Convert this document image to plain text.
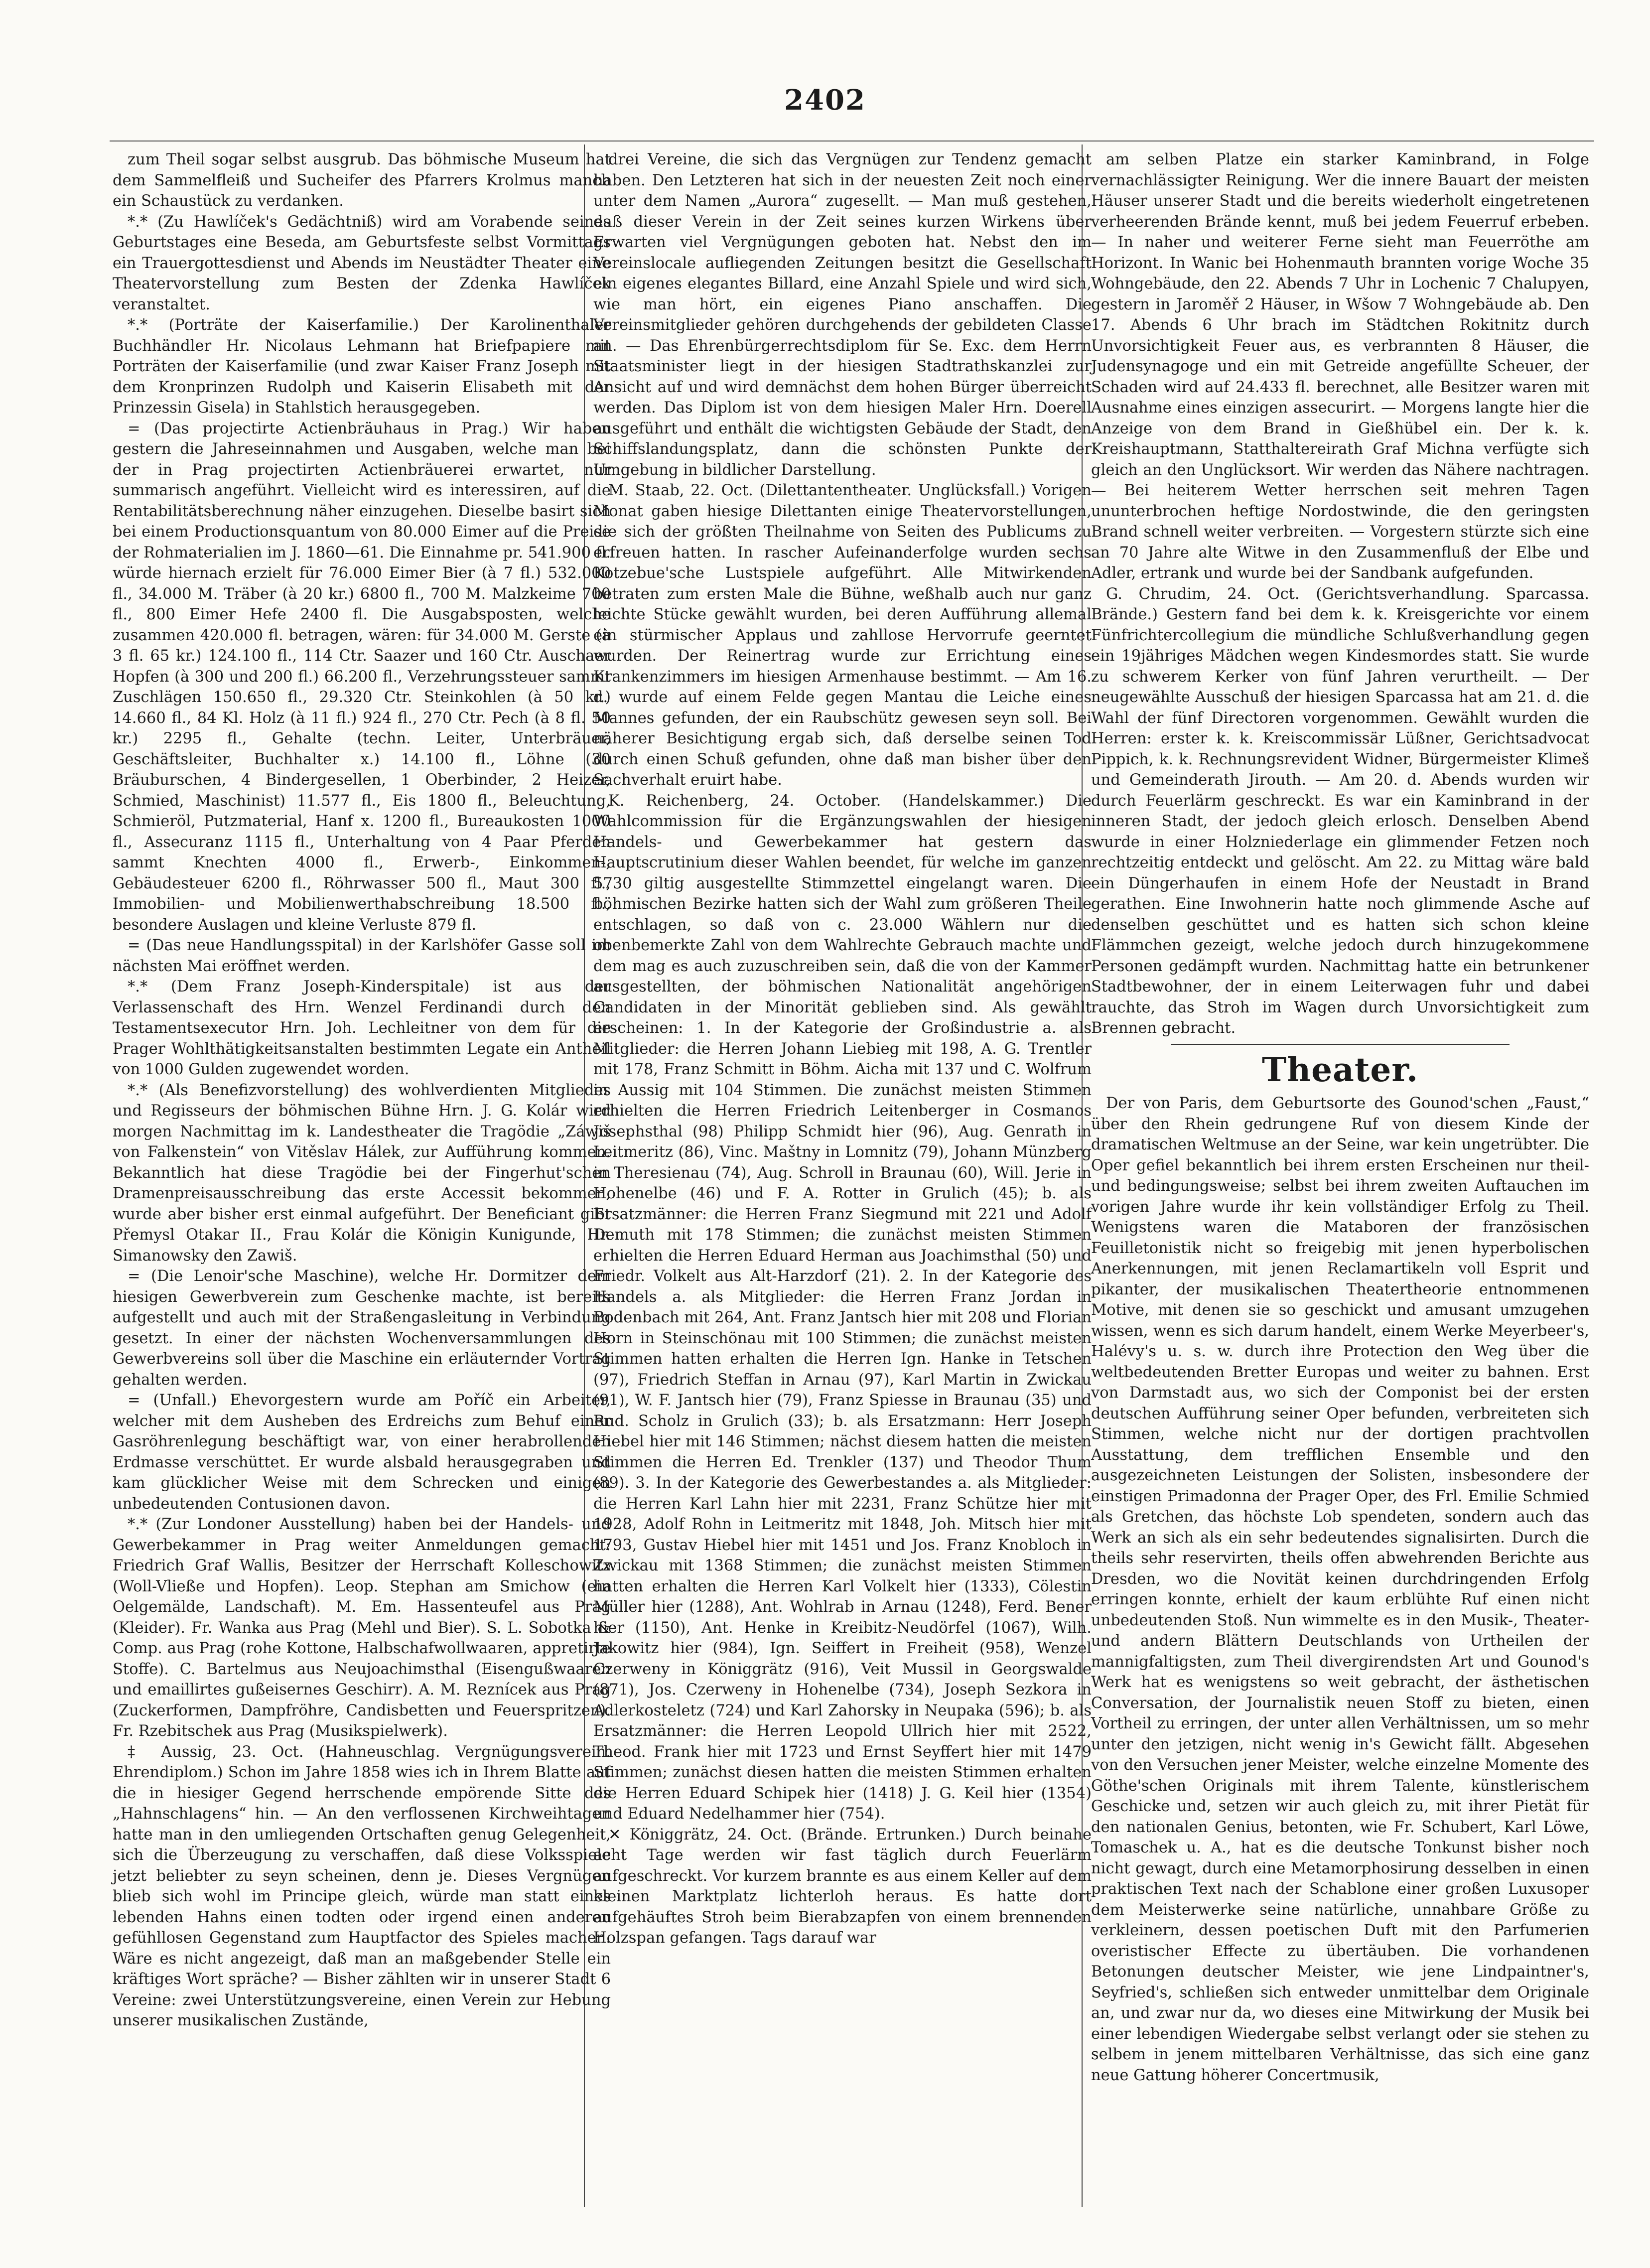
2402

zum Theil sogar selbst ausgrub. Das böhmische Museum hat dem Sammelfleiß und Sucheifer des Pfarrers Krolmus manch ein Schaustück zu verdanken.

*.* (Zu Hawlíček's Gedächtniß) wird am Vorabende seines Geburtstages eine Beseda, am Geburtsfeste selbst Vormittags ein Trauergottesdienst und Abends im Neustädter Theater eine Theatervorstellung zum Besten der Zdenka Hawlíček veranstaltet.

*.* (Porträte der Kaiserfamilie.) Der Karolinenthaler Buchhändler Hr. Nicolaus Lehmann hat Briefpapiere mit Porträten der Kaiserfamilie (und zwar Kaiser Franz Joseph mit dem Kronprinzen Rudolph und Kaiserin Elisabeth mit der Prinzessin Gisela) in Stahlstich herausgegeben.

= (Das projectirte Actienbräuhaus in Prag.) Wir haben gestern die Jahreseinnahmen und Ausgaben, welche man bei der in Prag projectirten Actienbräuerei erwartet, nur summarisch angeführt. Vielleicht wird es interessiren, auf die Rentabilitätsberechnung näher einzugehen. Dieselbe basirt sich bei einem Productionsquantum von 80.000 Eimer auf die Preise der Rohmaterialien im J. 1860—61. Die Einnahme pr. 541.900 fl. würde hiernach erzielt für 76.000 Eimer Bier (à 7 fl.) 532.000 fl., 34.000 M. Träber (à 20 kr.) 6800 fl., 700 M. Malzkeime 700 fl., 800 Eimer Hefe 2400 fl. Die Ausgabsposten, welche zusammen 420.000 fl. betragen, wären: für 34.000 M. Gerste (à 3 fl. 65 kr.) 124.100 fl., 114 Ctr. Saazer und 160 Ctr. Auschaer Hopfen (à 300 und 200 fl.) 66.200 fl., Verzehrungssteuer sammt Zuschlägen 150.650 fl., 29.320 Ctr. Steinkohlen (à 50 kr.) 14.660 fl., 84 Kl. Holz (à 11 fl.) 924 fl., 270 Ctr. Pech (à 8 fl. 50 kr.) 2295 fl., Gehalte (techn. Leiter, Unterbräuer, Geschäftsleiter, Buchhalter x.) 14.100 fl., Löhne (30 Bräuburschen, 4 Bindergesellen, 1 Oberbinder, 2 Heizer, Schmied, Maschinist) 11.577 fl., Eis 1800 fl., Beleuchtung, Schmieröl, Putzmaterial, Hanf x. 1200 fl., Bureaukosten 1000 fl., Assecuranz 1115 fl., Unterhaltung von 4 Paar Pferden sammt Knechten 4000 fl., Erwerb-, Einkommen-, Gebäudesteuer 6200 fl., Röhrwasser 500 fl., Maut 300 fl., Immobilien- und Mobilienwerthabschreibung 18.500 fl., besondere Auslagen und kleine Verluste 879 fl.

= (Das neue Handlungsspital) in der Karlshöfer Gasse soll im nächsten Mai eröffnet werden.

*.* (Dem Franz Joseph-Kinderspitale) ist aus der Verlassenschaft des Hrn. Wenzel Ferdinandi durch den Testamentsexecutor Hrn. Joh. Lechleitner von dem für die Prager Wohlthätigkeitsanstalten bestimmten Legate ein Antheil von 1000 Gulden zugewendet worden.

*.* (Als Benefizvorstellung) des wohlverdienten Mitgliedes und Regisseurs der böhmischen Bühne Hrn. J. G. Kolár wird morgen Nachmittag im k. Landestheater die Tragödie „Záwiš von Falkenstein“ von Vitěslav Hálek, zur Aufführung kommen. Bekanntlich hat diese Tragödie bei der Fingerhut'schen Dramenpreisausschreibung das erste Accessit bekommen, wurde aber bisher erst einmal aufgeführt. Der Beneficiant gibt Přemysl Otakar II., Frau Kolár die Königin Kunigunde, Hr. Simanowsky den Zawiš.

= (Die Lenoir'sche Maschine), welche Hr. Dormitzer dem hiesigen Gewerbverein zum Geschenke machte, ist bereits aufgestellt und auch mit der Straßengasleitung in Verbindung gesetzt. In einer der nächsten Wochenversammlungen des Gewerbvereins soll über die Maschine ein erläuternder Vortrag gehalten werden.

= (Unfall.) Ehevorgestern wurde am Poříč ein Arbeiter, welcher mit dem Ausheben des Erdreichs zum Behuf einer Gasröhrenlegung beschäftigt war, von einer herabrollenden Erdmasse verschüttet. Er wurde alsbald herausgegraben und kam glücklicher Weise mit dem Schrecken und einigen unbedeutenden Contusionen davon.

*.* (Zur Londoner Ausstellung) haben bei der Handels- und Gewerbekammer in Prag weiter Anmeldungen gemacht: Friedrich Graf Wallis, Besitzer der Herrschaft Kolleschowitz (Woll-Vließe und Hopfen). Leop. Stephan am Smichow (ein Oelgemälde, Landschaft). M. Em. Hassenteufel aus Prag (Kleider). Fr. Wanka aus Prag (Mehl und Bier). S. L. Sobotka & Comp. aus Prag (rohe Kottone, Halbschafwollwaaren, appretirte Stoffe). C. Bartelmus aus Neujoachimsthal (Eisengußwaaren und emaillirtes gußeisernes Geschirr). A. M. Reznícek aus Prag (Zuckerformen, Dampfröhre, Candisbetten und Feuerspritzen). Fr. Rzebitschek aus Prag (Musikspielwerk).

‡ Aussig, 23. Oct. (Hahneuschlag. Vergnügungsverein. Ehrendiplom.) Schon im Jahre 1858 wies ich in Ihrem Blatte auf die in hiesiger Gegend herrschende empörende Sitte des „Hahnschlagens“ hin. — An den verflossenen Kirchweihtagen hatte man in den umliegenden Ortschaften genug Gelegenheit, sich die Überzeugung zu verschaffen, daß diese Volksspiele jetzt beliebter zu seyn scheinen, denn je. Dieses Vergnügen blieb sich wohl im Principe gleich, würde man statt eines lebenden Hahns einen todten oder irgend einen anderen gefühllosen Gegenstand zum Hauptfactor des Spieles machen. Wäre es nicht angezeigt, daß man an maßgebender Stelle ein kräftiges Wort spräche? — Bisher zählten wir in unserer Stadt 6 Vereine: zwei Unterstützungsvereine, einen Verein zur Hebung unserer musikalischen Zustände,

drei Vereine, die sich das Vergnügen zur Tendenz gemacht haben. Den Letzteren hat sich in der neuesten Zeit noch einer unter dem Namen „Aurora“ zugesellt. — Man muß gestehen, daß dieser Verein in der Zeit seines kurzen Wirkens über Erwarten viel Vergnügungen geboten hat. Nebst den im Vereinslocale aufliegenden Zeitungen besitzt die Gesellschaft ein eigenes elegantes Billard, eine Anzahl Spiele und wird sich, wie man hört, ein eigenes Piano anschaffen. Die Vereinsmitglieder gehören durchgehends der gebildeten Classe an. — Das Ehrenbürgerrechtsdiplom für Se. Exc. dem Herrn Staatsminister liegt in der hiesigen Stadtrathskanzlei zur Ansicht auf und wird demnächst dem hohen Bürger überreicht werden. Das Diplom ist von dem hiesigen Maler Hrn. Doerell ausgeführt und enthält die wichtigsten Gebäude der Stadt, den Schiffslandungsplatz, dann die schönsten Punkte der Umgebung in bildlicher Darstellung.

M. Staab, 22. Oct. (Dilettantentheater. Unglücksfall.) Vorigen Monat gaben hiesige Dilettanten einige Theatervorstellungen, die sich der größten Theilnahme von Seiten des Publicums zu erfreuen hatten. In rascher Aufeinanderfolge wurden sechs Kotzebue'sche Lustspiele aufgeführt. Alle Mitwirkenden betraten zum ersten Male die Bühne, weßhalb auch nur ganz leichte Stücke gewählt wurden, bei deren Aufführung allemal ein stürmischer Applaus und zahllose Hervorrufe geerntet wurden. Der Reinertrag wurde zur Errichtung eines Krankenzimmers im hiesigen Armenhause bestimmt. — Am 16. d. wurde auf einem Felde gegen Mantau die Leiche eines Mannes gefunden, der ein Raubschütz gewesen seyn soll. Bei näherer Besichtigung ergab sich, daß derselbe seinen Tod durch einen Schuß gefunden, ohne daß man bisher über den Sachverhalt eruirt habe.

K. Reichenberg, 24. October. (Handelskammer.) Die Wahlcommission für die Ergänzungswahlen der hiesigen Handels- und Gewerbekammer hat gestern das Hauptscrutinium dieser Wahlen beendet, für welche im ganzen 5730 giltig ausgestellte Stimmzettel eingelangt waren. Die böhmischen Bezirke hatten sich der Wahl zum größeren Theile entschlagen, so daß von c. 23.000 Wählern nur die obenbemerkte Zahl von dem Wahlrechte Gebrauch machte und dem mag es auch zuzuschreiben sein, daß die von der Kammer ausgestellten, der böhmischen Nationalität angehörigen Candidaten in der Minorität geblieben sind. Als gewählt erscheinen: 1. In der Kategorie der Großindustrie a. als Mitglieder: die Herren Johann Liebieg mit 198, A. G. Trentler mit 178, Franz Schmitt in Böhm. Aicha mit 137 und C. Wolfrum in Aussig mit 104 Stimmen. Die zunächst meisten Stimmen erhielten die Herren Friedrich Leitenberger in Cosmanos Josephsthal (98) Philipp Schmidt hier (96), Aug. Genrath in Leitmeritz (86), Vinc. Maštny in Lomnitz (79), Johann Münzberg in Theresienau (74), Aug. Schroll in Braunau (60), Will. Jerie in Hohenelbe (46) und F. A. Rotter in Grulich (45); b. als Ersatzmänner: die Herren Franz Siegmund mit 221 und Adolf Demuth mit 178 Stimmen; die zunächst meisten Stimmen erhielten die Herren Eduard Herman aus Joachimsthal (50) und Friedr. Volkelt aus Alt-Harzdorf (21). 2. In der Kategorie des Handels a. als Mitglieder: die Herren Franz Jordan in Bodenbach mit 264, Ant. Franz Jantsch hier mit 208 und Florian Horn in Steinschönau mit 100 Stimmen; die zunächst meisten Stimmen hatten erhalten die Herren Ign. Hanke in Tetschen (97), Friedrich Steffan in Arnau (97), Karl Martin in Zwickau (91), W. F. Jantsch hier (79), Franz Spiesse in Braunau (35) und Rud. Scholz in Grulich (33); b. als Ersatzmann: Herr Joseph Hiebel hier mit 146 Stimmen; nächst diesem hatten die meisten Stimmen die Herren Ed. Trenkler (137) und Theodor Thum (89). 3. In der Kategorie des Gewerbestandes a. als Mitglieder: die Herren Karl Lahn hier mit 2231, Franz Schütze hier mit 1928, Adolf Rohn in Leitmeritz mit 1848, Joh. Mitsch hier mit 1793, Gustav Hiebel hier mit 1451 und Jos. Franz Knobloch in Zwickau mit 1368 Stimmen; die zunächst meisten Stimmen hatten erhalten die Herren Karl Volkelt hier (1333), Cölestin Müller hier (1288), Ant. Wohlrab in Arnau (1248), Ferd. Bener hier (1150), Ant. Henke in Kreibitz-Neudörfel (1067), Wilh. Jakowitz hier (984), Ign. Seiffert in Freiheit (958), Wenzel Czerweny in Königgrätz (916), Veit Mussil in Georgswalde (871), Jos. Czerweny in Hohenelbe (734), Joseph Sezkora in Adlerkosteletz (724) und Karl Zahorsky in Neupaka (596); b. als Ersatzmänner: die Herren Leopold Ullrich hier mit 2522, Theod. Frank hier mit 1723 und Ernst Seyffert hier mit 1479 Stimmen; zunächst diesen hatten die meisten Stimmen erhalten die Herren Eduard Schipek hier (1418) J. G. Keil hier (1354) und Eduard Nedelhammer hier (754).

✕ Königgrätz, 24. Oct. (Brände. Ertrunken.) Durch beinahe acht Tage werden wir fast täglich durch Feuerlärm aufgeschreckt. Vor kurzem brannte es aus einem Keller auf dem kleinen Marktplatz lichterloh heraus. Es hatte dort aufgehäuftes Stroh beim Bierabzapfen von einem brennenden Holzspan gefangen. Tags darauf war

am selben Platze ein starker Kaminbrand, in Folge vernachlässigter Reinigung. Wer die innere Bauart der meisten Häuser unserer Stadt und die bereits wiederholt eingetretenen verheerenden Brände kennt, muß bei jedem Feuerruf erbeben. — In naher und weiterer Ferne sieht man Feuerröthe am Horizont. In Wanic bei Hohenmauth brannten vorige Woche 35 Wohngebäude, den 22. Abends 7 Uhr in Lochenic 7 Chalupyen, gestern in Jaroměř 2 Häuser, in Wšow 7 Wohngebäude ab. Den 17. Abends 6 Uhr brach im Städtchen Rokitnitz durch Unvorsichtigkeit Feuer aus, es verbrannten 8 Häuser, die Judensynagoge und ein mit Getreide angefüllte Scheuer, der Schaden wird auf 24.433 fl. berechnet, alle Besitzer waren mit Ausnahme eines einzigen assecurirt. — Morgens langte hier die Anzeige von dem Brand in Gießhübel ein. Der k. k. Kreishauptmann, Statthaltereirath Graf Michna verfügte sich gleich an den Unglücksort. Wir werden das Nähere nachtragen. — Bei heiterem Wetter herrschen seit mehren Tagen ununterbrochen heftige Nordostwinde, die den geringsten Brand schnell weiter verbreiten. — Vorgestern stürzte sich eine an 70 Jahre alte Witwe in den Zusammenfluß der Elbe und Adler, ertrank und wurde bei der Sandbank aufgefunden.

G. Chrudim, 24. Oct. (Gerichtsverhandlung. Sparcassa. Brände.) Gestern fand bei dem k. k. Kreisgerichte vor einem Fünfrichtercollegium die mündliche Schlußverhandlung gegen ein 19jähriges Mädchen wegen Kindesmordes statt. Sie wurde zu schwerem Kerker von fünf Jahren verurtheilt. — Der neugewählte Ausschuß der hiesigen Sparcassa hat am 21. d. die Wahl der fünf Directoren vorgenommen. Gewählt wurden die Herren: erster k. k. Kreiscommissär Lüßner, Gerichtsadvocat Pippich, k. k. Rechnungsrevident Widner, Bürgermeister Klimeš und Gemeinderath Jirouth. — Am 20. d. Abends wurden wir durch Feuerlärm geschreckt. Es war ein Kaminbrand in der inneren Stadt, der jedoch gleich erlosch. Denselben Abend wurde in einer Holzniederlage ein glimmender Fetzen noch rechtzeitig entdeckt und gelöscht. Am 22. zu Mittag wäre bald ein Düngerhaufen in einem Hofe der Neustadt in Brand gerathen. Eine Inwohnerin hatte noch glimmende Asche auf denselben geschüttet und es hatten sich schon kleine Flämmchen gezeigt, welche jedoch durch hinzugekommene Personen gedämpft wurden. Nachmittag hatte ein betrunkener Stadtbewohner, der in einem Leiterwagen fuhr und dabei rauchte, das Stroh im Wagen durch Unvorsichtigkeit zum Brennen gebracht.

Theater.

Der von Paris, dem Geburtsorte des Gounod'schen „Faust,“ über den Rhein gedrungene Ruf von diesem Kinde der dramatischen Weltmuse an der Seine, war kein ungetrübter. Die Oper gefiel bekanntlich bei ihrem ersten Erscheinen nur theil- und bedingungsweise; selbst bei ihrem zweiten Auftauchen im vorigen Jahre wurde ihr kein vollständiger Erfolg zu Theil. Wenigstens waren die Mataboren der französischen Feuilletonistik nicht so freigebig mit jenen hyperbolischen Anerkennungen, mit jenen Reclamartikeln voll Esprit und pikanter, der musikalischen Theatertheorie entnommenen Motive, mit denen sie so geschickt und amusant umzugehen wissen, wenn es sich darum handelt, einem Werke Meyerbeer's, Halévy's u. s. w. durch ihre Protection den Weg über die weltbedeutenden Bretter Europas und weiter zu bahnen. Erst von Darmstadt aus, wo sich der Componist bei der ersten deutschen Aufführung seiner Oper befunden, verbreiteten sich Stimmen, welche nicht nur der dortigen prachtvollen Ausstattung, dem trefflichen Ensemble und den ausgezeichneten Leistungen der Solisten, insbesondere der einstigen Primadonna der Prager Oper, des Frl. Emilie Schmied als Gretchen, das höchste Lob spendeten, sondern auch das Werk an sich als ein sehr bedeutendes signalisirten. Durch die theils sehr reservirten, theils offen abwehrenden Berichte aus Dresden, wo die Novität keinen durchdringenden Erfolg erringen konnte, erhielt der kaum erblühte Ruf einen nicht unbedeutenden Stoß. Nun wimmelte es in den Musik-, Theater- und andern Blättern Deutschlands von Urtheilen der mannigfaltigsten, zum Theil divergirendsten Art und Gounod's Werk hat es wenigstens so weit gebracht, der ästhetischen Conversation, der Journalistik neuen Stoff zu bieten, einen Vortheil zu erringen, der unter allen Verhältnissen, um so mehr unter den jetzigen, nicht wenig in's Gewicht fällt. Abgesehen von den Versuchen jener Meister, welche einzelne Momente des Göthe'schen Originals mit ihrem Talente, künstlerischem Geschicke und, setzen wir auch gleich zu, mit ihrer Pietät für den nationalen Genius, betonten, wie Fr. Schubert, Karl Löwe, Tomaschek u. A., hat es die deutsche Tonkunst bisher noch nicht gewagt, durch eine Metamorphosirung desselben in einen praktischen Text nach der Schablone einer großen Luxusoper dem Meisterwerke seine natürliche, unnahbare Größe zu verkleinern, dessen poetischen Duft mit den Parfumerien overistischer Effecte zu übertäuben. Die vorhandenen Betonungen deutscher Meister, wie jene Lindpaintner's, Seyfried's, schließen sich entweder unmittelbar dem Originale an, und zwar nur da, wo dieses eine Mitwirkung der Musik bei einer lebendigen Wiedergabe selbst verlangt oder sie stehen zu selbem in jenem mittelbaren Verhältnisse, das sich eine ganz neue Gattung höherer Concertmusik,
